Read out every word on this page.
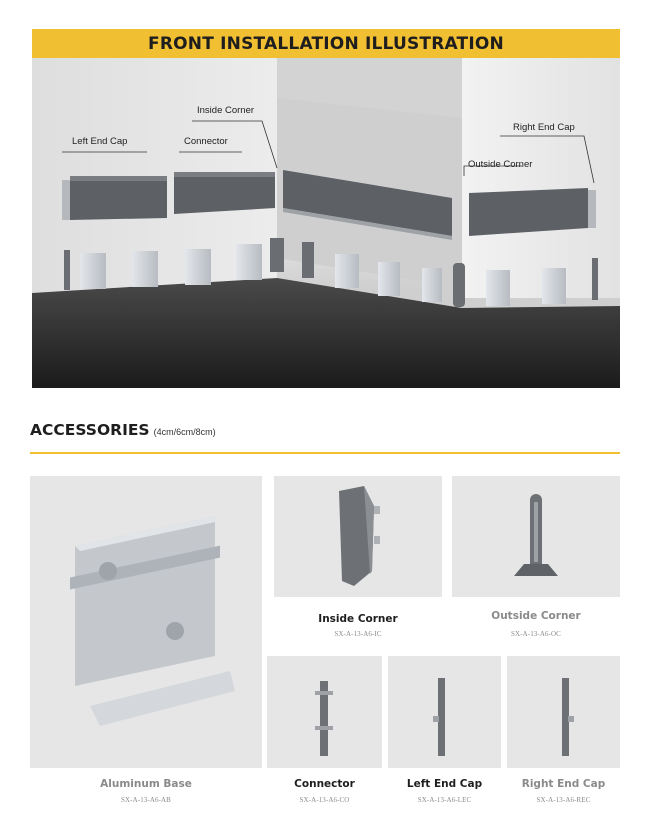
FRONT INSTALLATION ILLUSTRATION
Left End Cap	Connector
Inside Corner
Outside Corner
Right End Cap
ACCESSORIES (4cm/6cm/8cm)
Aluminum Base
SX-A-13-A6-AB
Inside Corner
SX-A-13-A6-IC
Outside Corner
SX-A-13-A6-OC
Connector
SX-A-13-A6-CO
Left End Cap
SX-A-13-A6-LEC
Right End Cap
SX-A-13-A6-REC
